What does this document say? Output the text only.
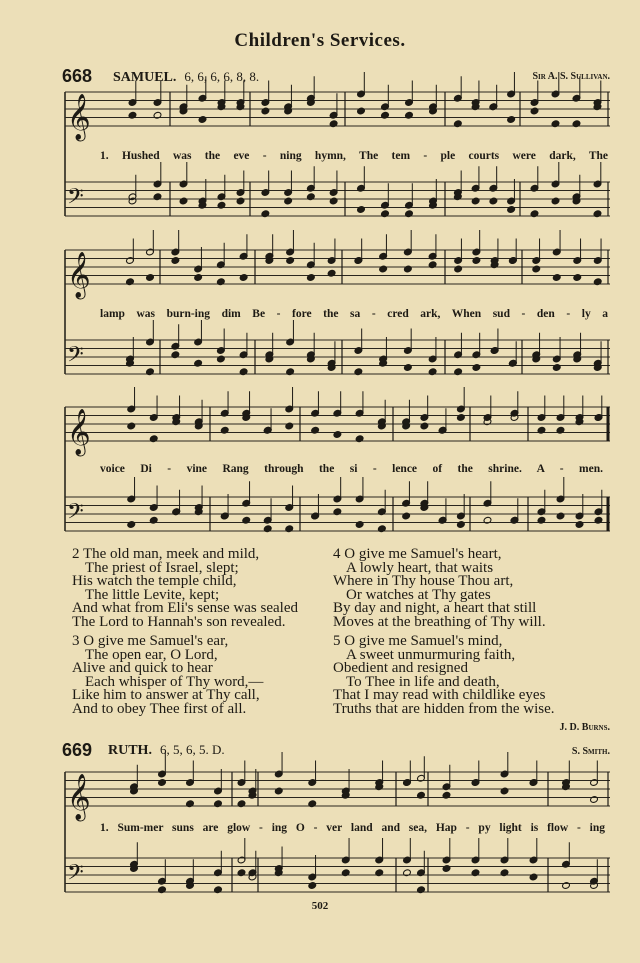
Children's Services.
668 SAMUEL. 6, 6, 6, 6, 8, 8.	Sir A. S. Sullivan.
𝄞
𝄢
𝄞
𝄢
𝄞
𝄢
𝄞
𝄢
1. Hushed was the eve - ning hymn, The tem - ple courts were dark, The
lamp was burn-ing dim Be - fore the sa - cred ark, When sud - den - ly a
voice Di - vine Rang through the si - lence of the shrine. A - men.
2 The old man, meek and mild,
The priest of Israel, slept;
His watch the temple child,
The little Levite, kept;
And what from Eli's sense was sealed
The Lord to Hannah's son revealed.
3 O give me Samuel's ear,
The open ear, O Lord,
Alive and quick to hear
Each whisper of Thy word,—
Like him to answer at Thy call,
And to obey Thee first of all.
4 O give me Samuel's heart,
A lowly heart, that waits
Where in Thy house Thou art,
Or watches at Thy gates
By day and night, a heart that still
Moves at the breathing of Thy will.
5 O give me Samuel's mind,
A sweet unmurmuring faith,
Obedient and resigned
To Thee in life and death,
That I may read with childlike eyes
Truths that are hidden from the wise.
J. D. Burns.
669 RUTH. 6, 5, 6, 5. D.	S. Smith.
1. Sum-mer suns are glow - ing O - ver land and sea, Hap - py light is flow - ing
502
